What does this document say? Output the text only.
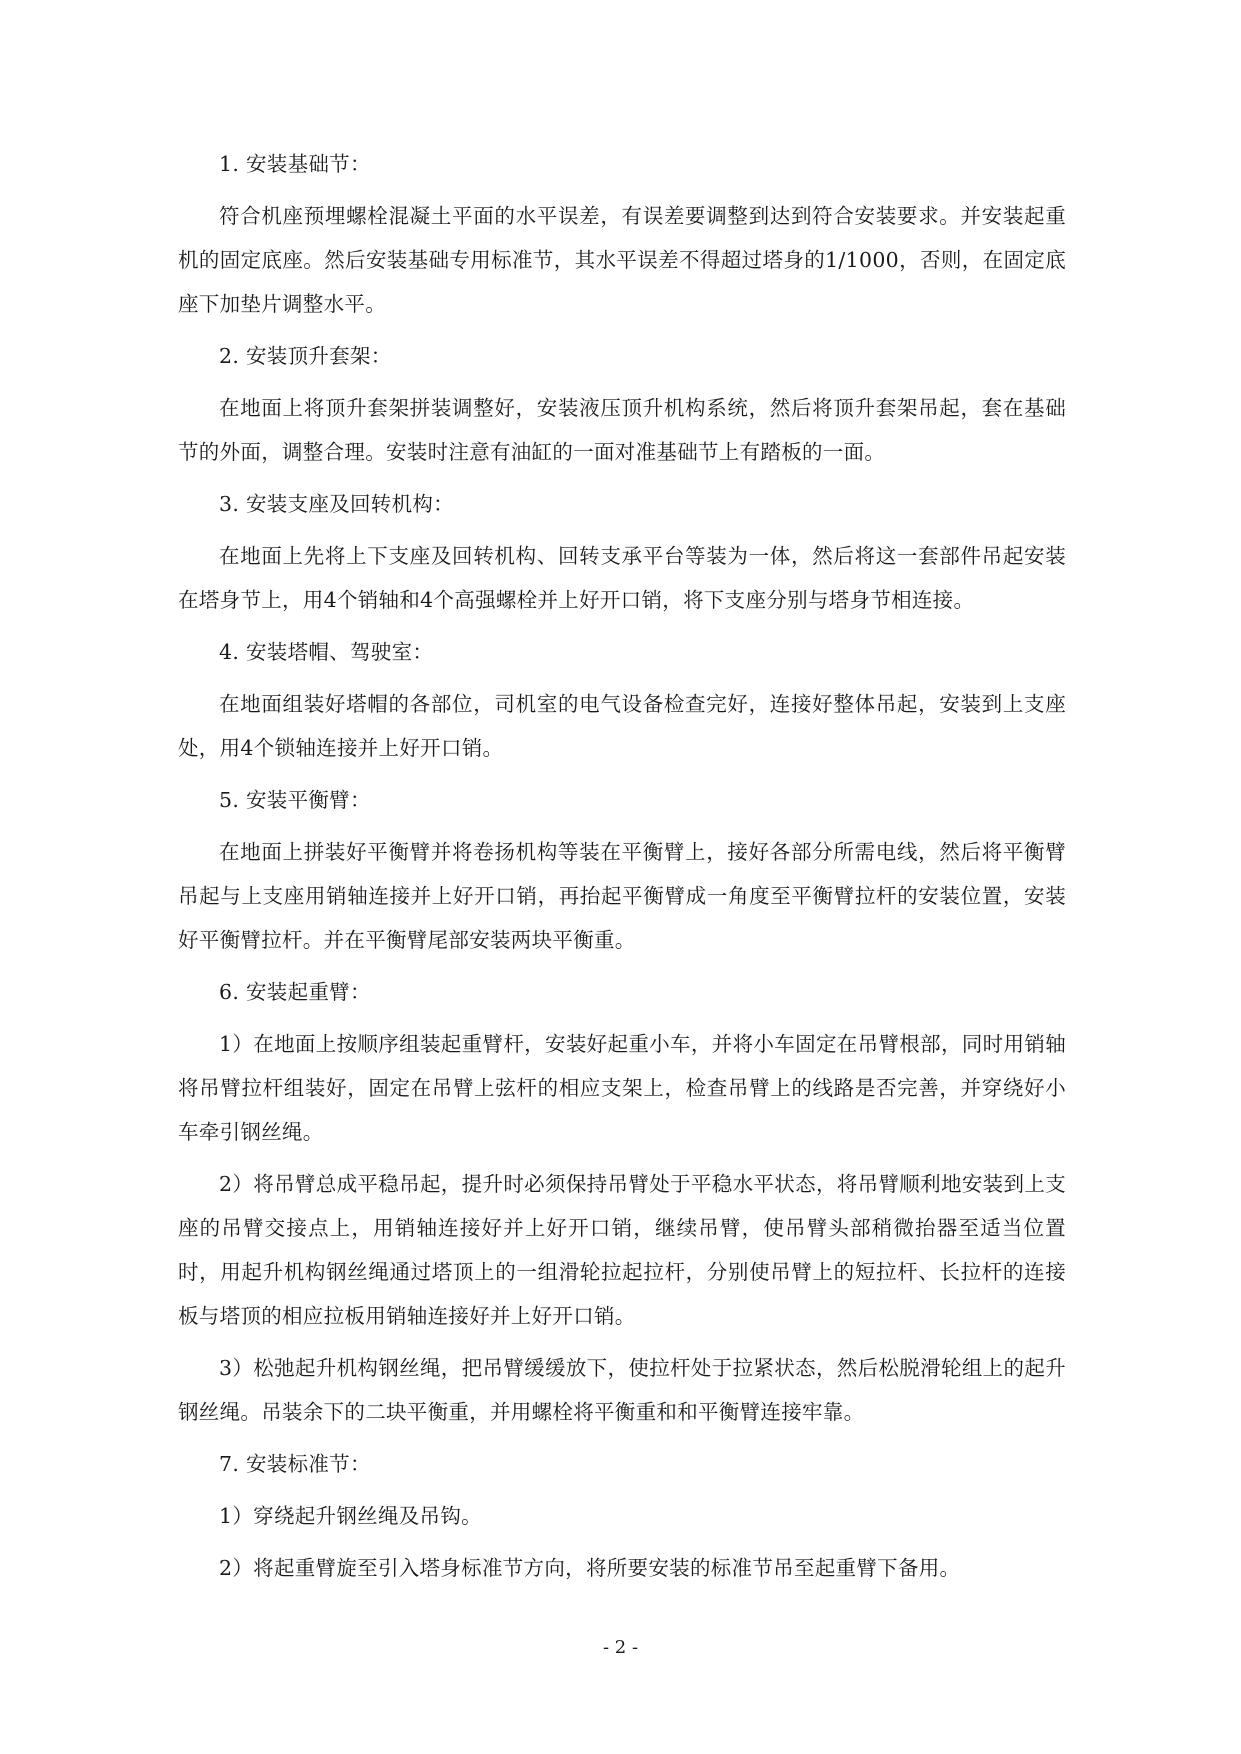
1. 安装基础节：

符合机座预埋螺栓混凝土平面的水平误差，有误差要调整到达到符合安装要求。并安装起重机的固定底座。然后安装基础专用标准节，其水平误差不得超过塔身的1/1000，否则，在固定底座下加垫片调整水平。

2. 安装顶升套架：

在地面上将顶升套架拼装调整好，安装液压顶升机构系统，然后将顶升套架吊起，套在基础节的外面，调整合理。安装时注意有油缸的一面对准基础节上有踏板的一面。

3. 安装支座及回转机构：

在地面上先将上下支座及回转机构、回转支承平台等装为一体，然后将这一套部件吊起安装在塔身节上，用4个销轴和4个高强螺栓并上好开口销，将下支座分别与塔身节相连接。

4. 安装塔帽、驾驶室：

在地面组装好塔帽的各部位，司机室的电气设备检查完好，连接好整体吊起，安装到上支座处，用4个锁轴连接并上好开口销。

5. 安装平衡臂：

在地面上拼装好平衡臂并将卷扬机构等装在平衡臂上，接好各部分所需电线，然后将平衡臂吊起与上支座用销轴连接并上好开口销，再抬起平衡臂成一角度至平衡臂拉杆的安装位置，安装好平衡臂拉杆。并在平衡臂尾部安装两块平衡重。

6. 安装起重臂：

1）在地面上按顺序组装起重臂杆，安装好起重小车，并将小车固定在吊臂根部，同时用销轴将吊臂拉杆组装好，固定在吊臂上弦杆的相应支架上，检查吊臂上的线路是否完善，并穿绕好小车牵引钢丝绳。

2）将吊臂总成平稳吊起，提升时必须保持吊臂处于平稳水平状态，将吊臂顺利地安装到上支座的吊臂交接点上，用销轴连接好并上好开口销，继续吊臂，使吊臂头部稍微抬器至适当位置时，用起升机构钢丝绳通过塔顶上的一组滑轮拉起拉杆，分别使吊臂上的短拉杆、长拉杆的连接板与塔顶的相应拉板用销轴连接好并上好开口销。

3）松弛起升机构钢丝绳，把吊臂缓缓放下，使拉杆处于拉紧状态，然后松脱滑轮组上的起升钢丝绳。吊装余下的二块平衡重，并用螺栓将平衡重和和平衡臂连接牢靠。

7. 安装标准节：

1）穿绕起升钢丝绳及吊钩。

2）将起重臂旋至引入塔身标准节方向，将所要安装的标准节吊至起重臂下备用。

- 2 -
